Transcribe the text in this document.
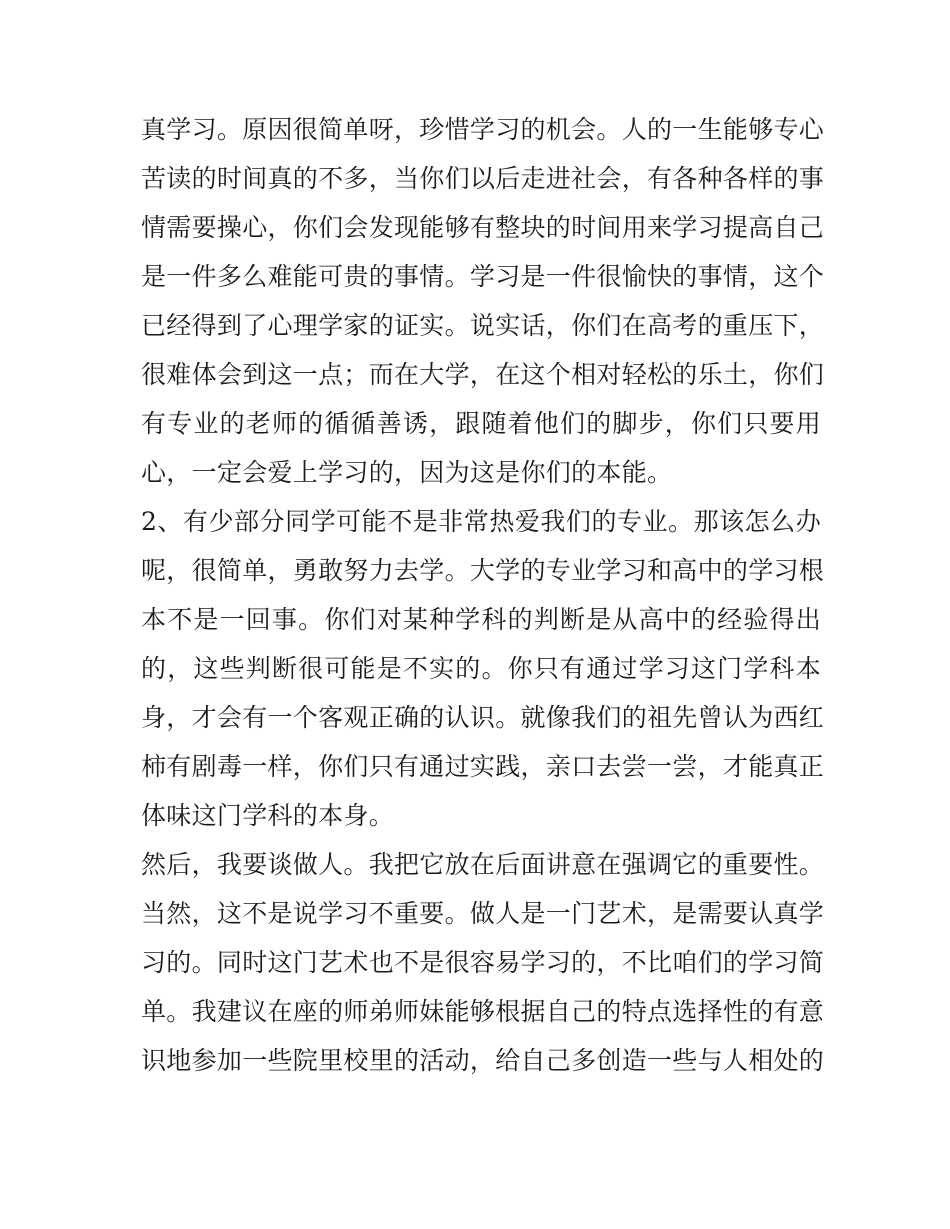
真学习。原因很简单呀，珍惜学习的机会。人的一生能够专心
苦读的时间真的不多，当你们以后走进社会，有各种各样的事
情需要操心，你们会发现能够有整块的时间用来学习提高自己
是一件多么难能可贵的事情。学习是一件很愉快的事情，这个
已经得到了心理学家的证实。说实话，你们在高考的重压下，
很难体会到这一点；而在大学，在这个相对轻松的乐土，你们
有专业的老师的循循善诱，跟随着他们的脚步，你们只要用
心，一定会爱上学习的，因为这是你们的本能。
2、有少部分同学可能不是非常热爱我们的专业。那该怎么办
呢，很简单，勇敢努力去学。大学的专业学习和高中的学习根
本不是一回事。你们对某种学科的判断是从高中的经验得出
的，这些判断很可能是不实的。你只有通过学习这门学科本
身，才会有一个客观正确的认识。就像我们的祖先曾认为西红
柿有剧毒一样，你们只有通过实践，亲口去尝一尝，才能真正
体味这门学科的本身。
然后，我要谈做人。我把它放在后面讲意在强调它的重要性。
当然，这不是说学习不重要。做人是一门艺术，是需要认真学
习的。同时这门艺术也不是很容易学习的，不比咱们的学习简
单。我建议在座的师弟师妹能够根据自己的特点选择性的有意
识地参加一些院里校里的活动，给自己多创造一些与人相处的
